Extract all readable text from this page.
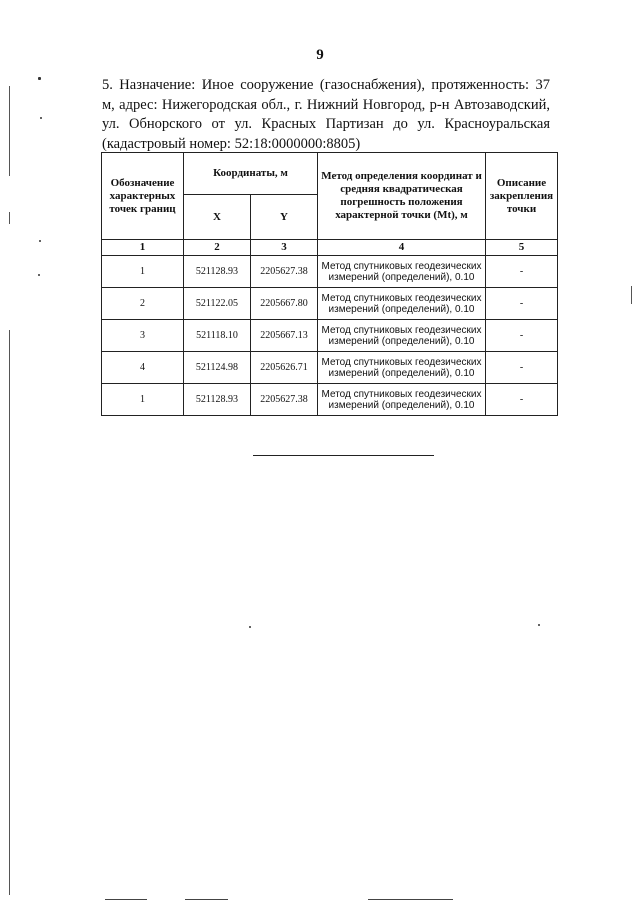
9
5. Назначение: Иное сооружение (газоснабжения), протяженность: 37
м, адрес: Нижегородская обл., г. Нижний Новгород, р-н Автозаводский,
ул. Обнорского от ул. Красных Партизан до ул. Красноуральская
(кадастровый номер: 52:18:0000000:8805)
Обозначение характерных точек границ	Координаты, м		Метод определения координат и средняя квадратическая погрешность положения характерной точки (Mt), м	Описание закрепления точки
	X	Y		
1	2	3	4	5
1	521128.93	2205627.38	Метод спутниковых геодезических измерений (определений), 0.10	-
2	521122.05	2205667.80	Метод спутниковых геодезических измерений (определений), 0.10	-
3	521118.10	2205667.13	Метод спутниковых геодезических измерений (определений), 0.10	-
4	521124.98	2205626.71	Метод спутниковых геодезических измерений (определений), 0.10	-
1	521128.93	2205627.38	Метод спутниковых геодезических измерений (определений), 0.10	-
